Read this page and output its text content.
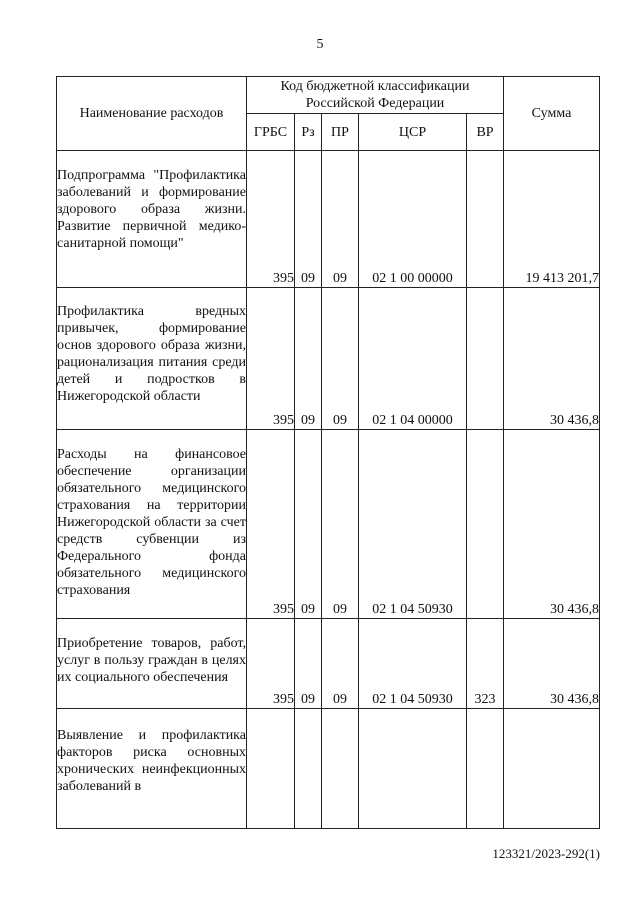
5
Наименование расходов	Код бюджетной классификации Российской Федерации					Сумма
	ГРБС	Рз	ПР	ЦСР	ВР	
Подпрограмма "Профилактика заболеваний и формирование здорового образа жизни. Развитие первичной медико-санитарной помощи"	395	09	09	02 1 00 00000		19 413 201,7
Профилактика вредных привычек, формирование основ здорового образа жизни, рационализация питания среди детей и подростков в Нижегородской области	395	09	09	02 1 04 00000		30 436,8
Расходы на финансовое обеспечение организации обязательного медицинского страхования на территории Нижегородской области за счет средств субвенции из Федерального фонда обязательного медицинского страхования	395	09	09	02 1 04 50930		30 436,8
Приобретение товаров, работ, услуг в пользу граждан в целях их социального обеспечения	395	09	09	02 1 04 50930	323	30 436,8
Выявление и профилактика факторов риска основных хронических неинфекционных заболеваний в						
123321/2023-292(1)
